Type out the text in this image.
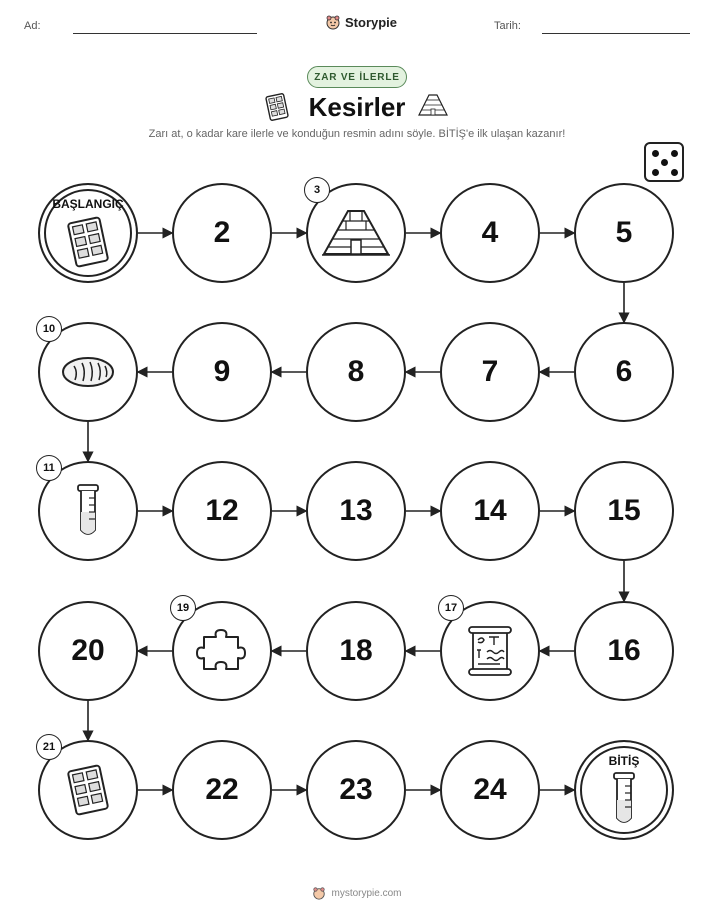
Ad:	Storypie	Tarih:
ZAR VE İLERLE
Kesirler
Zarı at, o kadar kare ilerle ve konduğun resmin adını söyle. BİTİŞ'e ilk ulaşan kazanır!
BAŞLANGIÇ
2
3
4	5
6
7
8
9
10
11
12	13	14	15
16
17
18
19
20
21
22	23	24
BİTİŞ
mystorypie.com
